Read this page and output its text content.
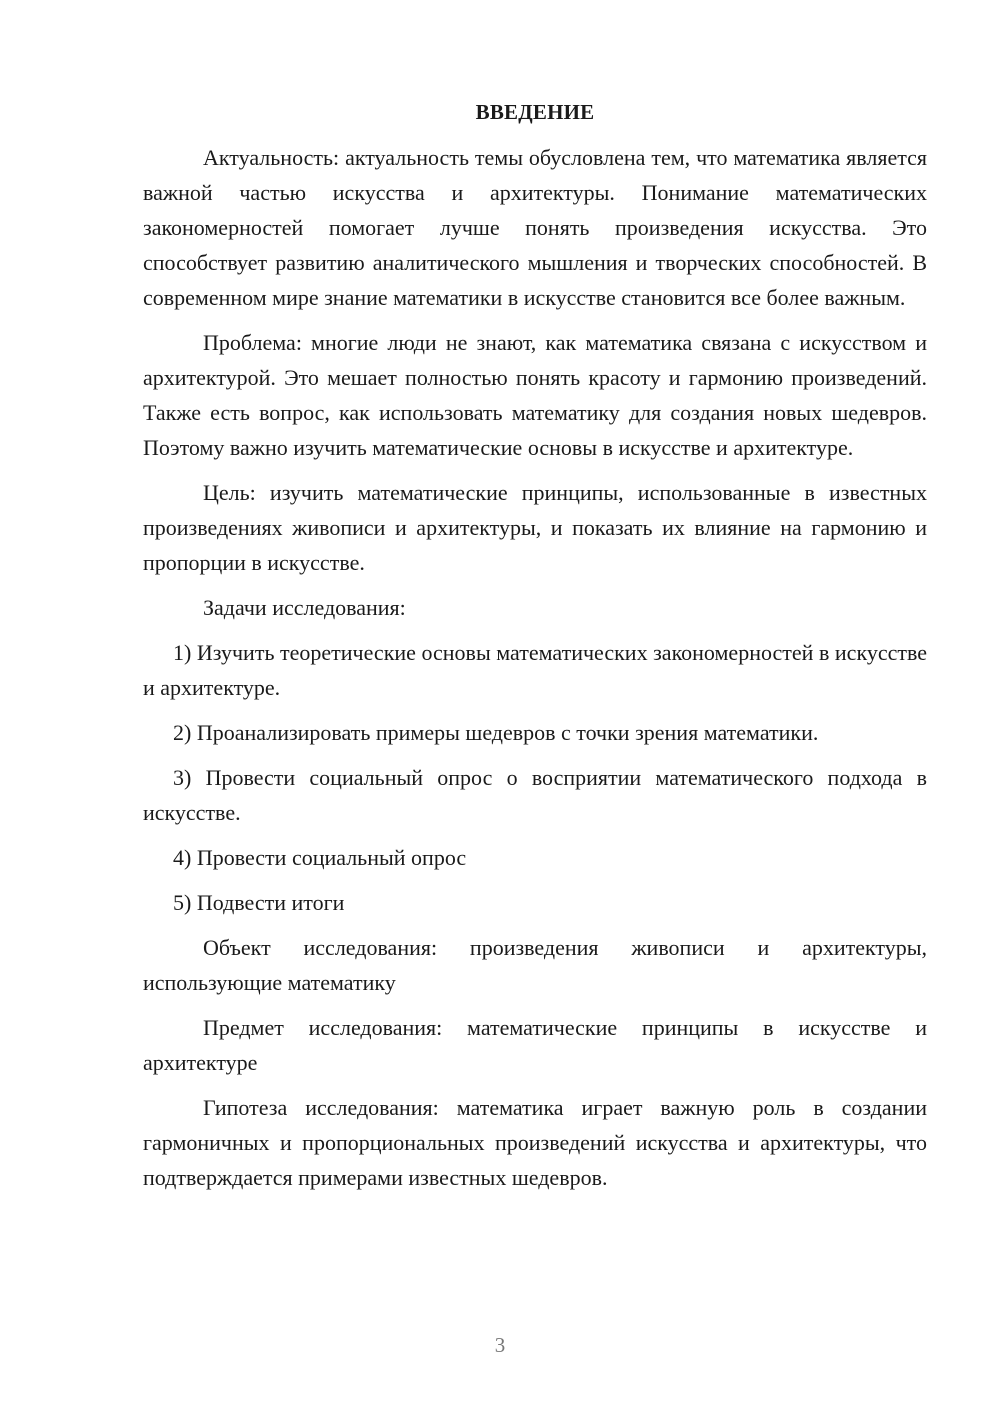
ВВЕДЕНИЕ

Актуальность: актуальность темы обусловлена тем, что математика является важной частью искусства и архитектуры. Понимание математических закономерностей помогает лучше понять произведения искусства. Это способствует развитию аналитического мышления и творческих способностей. В современном мире знание математики в искусстве становится все более важным.

Проблема: многие люди не знают, как математика связана с искусством и архитектурой. Это мешает полностью понять красоту и гармонию произведений. Также есть вопрос, как использовать математику для создания новых шедевров. Поэтому важно изучить математические основы в искусстве и архитектуре.

Цель: изучить математические принципы, использованные в известных произведениях живописи и архитектуры, и показать их влияние на гармонию и пропорции в искусстве.

Задачи исследования:

1) Изучить теоретические основы математических закономерностей в искусстве и архитектуре.

2) Проанализировать примеры шедевров с точки зрения математики.

3) Провести социальный опрос о восприятии математического подхода в искусстве.

4) Провести социальный опрос

5) Подвести итоги

Объект исследования: произведения живописи и архитектуры, использующие математику

Предмет исследования: математические принципы в искусстве и архитектуре

Гипотеза исследования: математика играет важную роль в создании гармоничных и пропорциональных произведений искусства и архитектуры, что подтверждается примерами известных шедевров.

3
